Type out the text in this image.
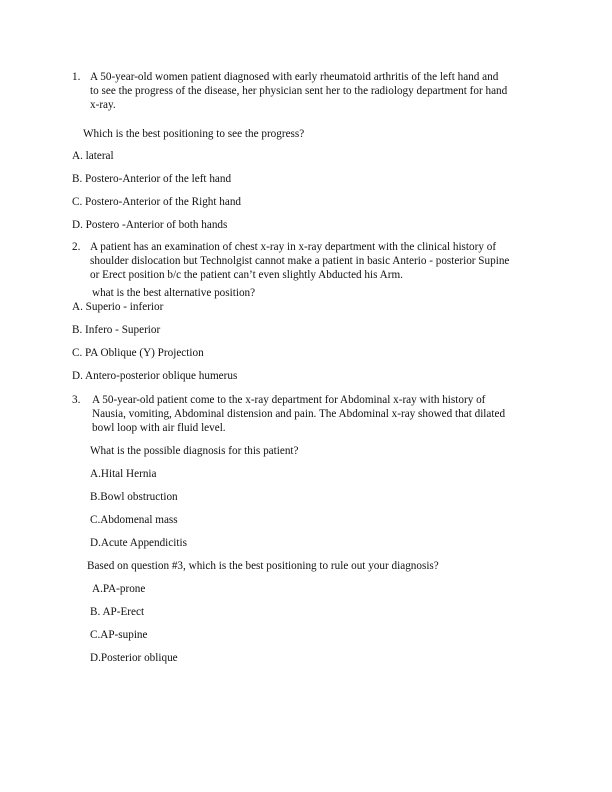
1. A 50-year-old women patient diagnosed with early rheumatoid arthritis of the left hand and
to see the progress of the disease, her physician sent her to the radiology department for hand
x-ray.
Which is the best positioning to see the progress?
A. lateral
B. Postero-Anterior of the left hand
C. Postero-Anterior of the Right hand
D. Postero -Anterior of both hands
2. A patient has an examination of chest x-ray in x-ray department with the clinical history of
shoulder dislocation but Technolgist cannot make a patient in basic Anterio - posterior Supine
or Erect position b/c the patient can’t even slightly Abducted his Arm.
what is the best alternative position?
A. Superio - inferior
B. Infero - Superior
C. PA Oblique (Y) Projection
D. Antero-posterior oblique humerus
3. A 50-year-old patient come to the x-ray department for Abdominal x-ray with history of
Nausia, vomiting, Abdominal distension and pain. The Abdominal x-ray showed that dilated
bowl loop with air fluid level.
What is the possible diagnosis for this patient?
A.Hital Hernia
B.Bowl obstruction
C.Abdomenal mass
D.Acute Appendicitis
Based on question #3, which is the best positioning to rule out your diagnosis?
A.PA-prone
B. AP-Erect
C.AP-supine
D.Posterior oblique
